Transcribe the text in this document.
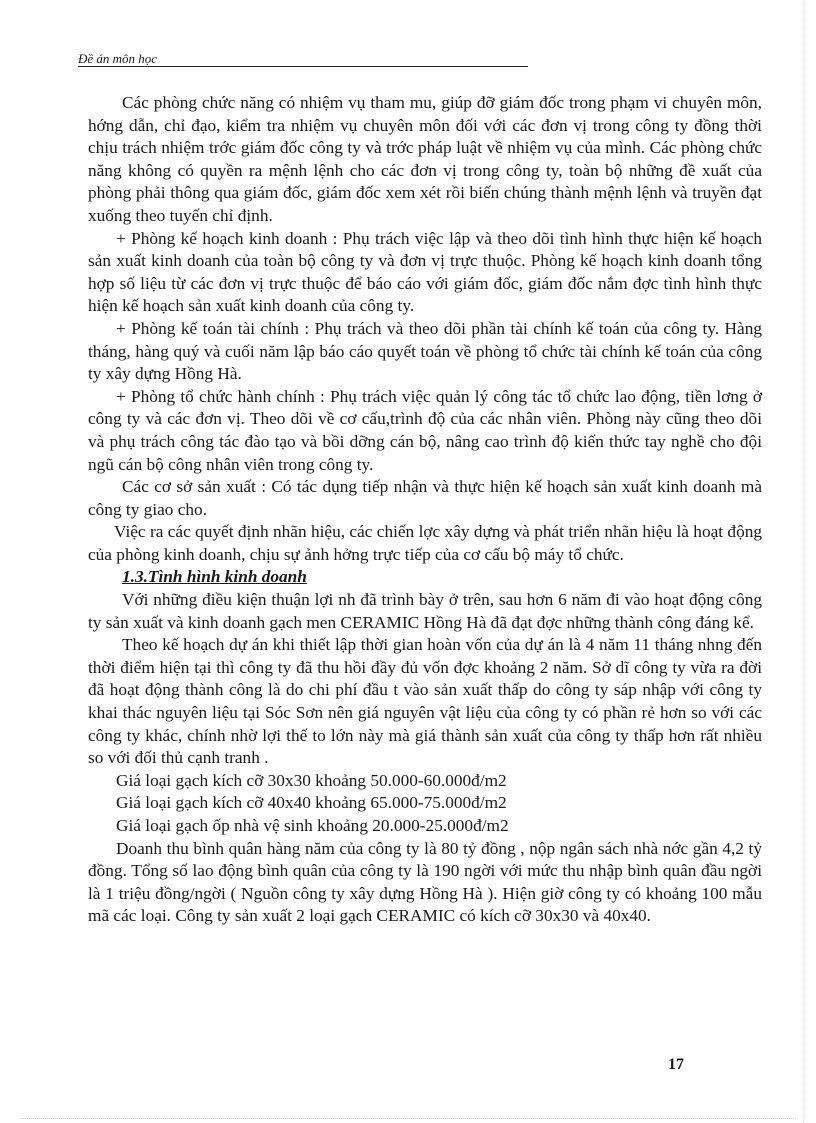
Đề án môn học

Các phòng chức năng có nhiệm vụ tham mu, giúp đỡ giám đốc trong phạm vi chuyên môn, hớng dẫn, chỉ đạo, kiểm tra nhiệm vụ chuyên môn đối với các đơn vị trong công ty đồng thời chịu trách nhiệm trớc giám đốc công ty và trớc pháp luật về nhiệm vụ của mình. Các phòng chức năng không có quyền ra mệnh lệnh cho các đơn vị trong công ty, toàn bộ những đề xuất của phòng phải thông qua giám đốc, giám đốc xem xét rồi biến chúng thành mệnh lệnh và truyền đạt xuống theo tuyến chỉ định.

+ Phòng kế hoạch kinh doanh : Phụ trách việc lập và theo dõi tình hình thực hiện kế hoạch sản xuất kinh doanh của toàn bộ công ty và đơn vị trực thuộc. Phòng kế hoạch kinh doanh tổng hợp số liệu từ các đơn vị trực thuộc để báo cáo với giám đốc, giám đốc nắm đợc tình hình thực hiện kế hoạch sản xuất kinh doanh của công ty.

+ Phòng kế toán tài chính : Phụ trách và theo dõi phần tài chính kế toán của công ty. Hàng tháng, hàng quý và cuối năm lập báo cáo quyết toán về phòng tổ chức tài chính kế toán của công ty xây dựng Hồng Hà.

+ Phòng tổ chức hành chính : Phụ trách việc quản lý công tác tổ chức lao động, tiền lơng ở công ty và các đơn vị. Theo dõi về cơ cấu,trình độ của các nhân viên. Phòng này cũng theo dõi và phụ trách công tác đào tạo và bồi dỡng cán bộ, nâng cao trình độ kiến thức tay nghề cho đội ngũ cán bộ công nhân viên trong công ty.

Các cơ sở sản xuất : Có tác dụng tiếp nhận và thực hiện kế hoạch sản xuất kinh doanh mà công ty giao cho.

Việc ra các quyết định nhãn hiệu, các chiến lợc xây dựng và phát triển nhãn hiệu là hoạt động của phòng kinh doanh, chịu sự ảnh hởng trực tiếp của cơ cấu bộ máy tổ chức.

1.3.Tình hình kinh doanh

Với những điều kiện thuận lợi nh đã trình bày ở trên, sau hơn 6 năm đi vào hoạt động công ty sản xuất và kinh doanh gạch men CERAMIC Hồng Hà đã đạt đợc những thành công đáng kể.

Theo kế hoạch dự án khi thiết lập thời gian hoàn vốn của dự án là 4 năm 11 tháng nhng đến thời điểm hiện tại thì công ty đã thu hồi đầy đủ vốn đợc khoảng 2 năm. Sở dĩ công ty vừa ra đời đã hoạt động thành công là do chi phí đầu t vào sản xuất thấp do công ty sáp nhập với công ty khai thác nguyên liệu tại Sóc Sơn nên giá nguyên vật liệu của công ty có phần rẻ hơn so với các công ty khác, chính nhờ lợi thế to lớn này mà giá thành sản xuất của công ty thấp hơn rất nhiều so với đối thủ cạnh tranh .

Giá loại gạch kích cỡ 30x30 khoảng 50.000-60.000đ/m2

Giá loại gạch kích cỡ 40x40 khoảng 65.000-75.000đ/m2

Giá loại gạch ốp nhà vệ sinh khoảng 20.000-25.000đ/m2

Doanh thu bình quân hàng năm của công ty là 80 tỷ đồng , nộp ngân sách nhà nớc gần 4,2 tỷ đồng. Tổng số lao động bình quân của công ty là 190 ngời với mức thu nhập bình quân đầu ngời là 1 triệu đồng/ngời ( Nguồn công ty xây dựng Hồng Hà ). Hiện giờ công ty có khoảng 100 mẫu mã các loại. Công ty sản xuất 2 loại gạch CERAMIC có kích cỡ 30x30 và 40x40.

17
